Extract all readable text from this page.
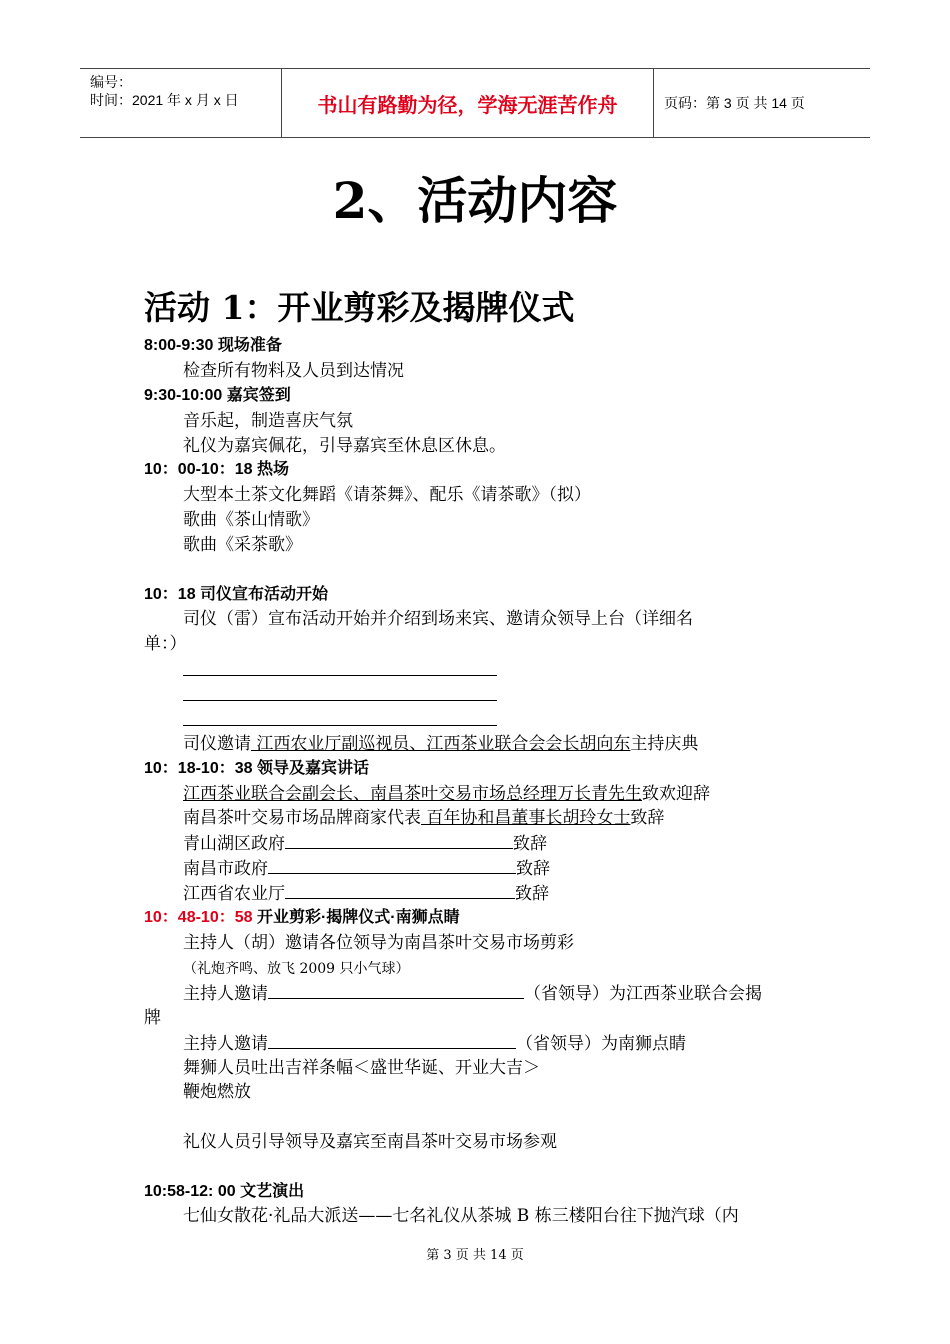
编号：
时间：2021 年 x 月 x 日	书山有路勤为径，学海无涯苦作舟	页码：第 3 页 共 14 页
2、活动内容
活动 1：开业剪彩及揭牌仪式
8:00-9:30 现场准备
检查所有物料及人员到达情况
9:30-10:00 嘉宾签到
音乐起，制造喜庆气氛
礼仪为嘉宾佩花，引导嘉宾至休息区休息。
10：00-10：18 热场
大型本土茶文化舞蹈《请茶舞》、配乐《请茶歌》（拟）
歌曲《茶山情歌》
歌曲《采茶歌》
10：18 司仪宣布活动开始
司仪（雷）宣布活动开始并介绍到场来宾、邀请众领导上台（详细名
单：）
司仪邀请 江西农业厅副巡视员、江西茶业联合会会长胡向东主持庆典
10：18-10：38 领导及嘉宾讲话
江西茶业联合会副会长、南昌茶叶交易市场总经理万长青先生致欢迎辞
南昌茶叶交易市场品牌商家代表 百年协和昌董事长胡玲女士致辞
青山湖区政府	致辞
南昌市政府	致辞
江西省农业厅	致辞
10：48-10：58 开业剪彩·揭牌仪式·南狮点睛
主持人（胡）邀请各位领导为南昌茶叶交易市场剪彩
（礼炮齐鸣、放飞 2009 只小气球）
主持人邀请	（省领导）为江西茶业联合会揭
牌
主持人邀请	（省领导）为南狮点睛
舞狮人员吐出吉祥条幅＜盛世华诞、开业大吉＞
鞭炮燃放
礼仪人员引导领导及嘉宾至南昌茶叶交易市场参观
10:58-12: 00 文艺演出
七仙女散花·礼品大派送——七名礼仪从茶城 B 栋三楼阳台往下抛汽球（内
第 3 页 共 14 页
